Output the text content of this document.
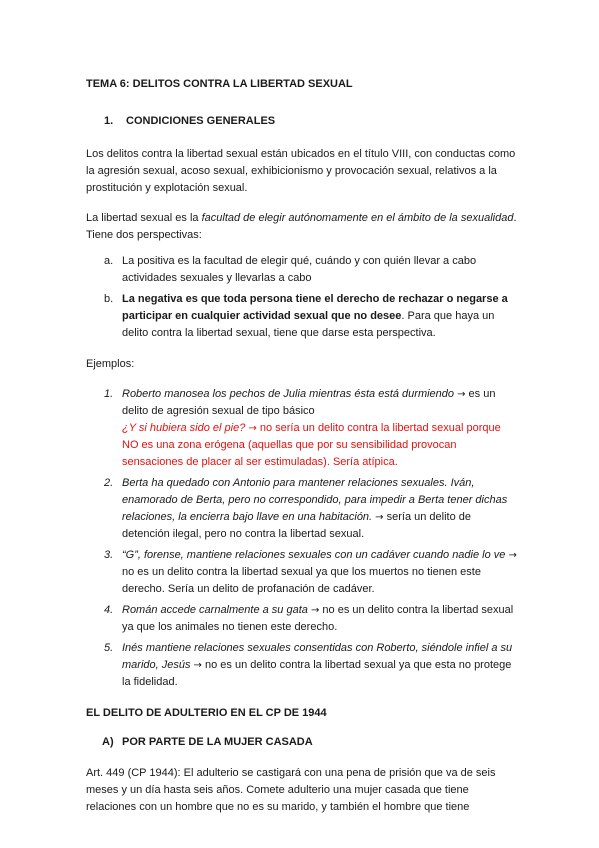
TEMA 6: DELITOS CONTRA LA LIBERTAD SEXUAL

1.	CONDICIONES GENERALES

Los delitos contra la libertad sexual están ubicados en el título VIII, con conductas como la agresión sexual, acoso sexual, exhibicionismo y provocación sexual, relativos a la prostitución y explotación sexual.

La libertad sexual es la facultad de elegir autónomamente en el ámbito de la sexualidad. Tiene dos perspectivas:

a. La positiva es la facultad de elegir qué, cuándo y con quién llevar a cabo actividades sexuales y llevarlas a cabo
b. La negativa es que toda persona tiene el derecho de rechazar o negarse a participar en cualquier actividad sexual que no desee. Para que haya un delito contra la libertad sexual, tiene que darse esta perspectiva.

Ejemplos:

1. Roberto manosea los pechos de Julia mientras ésta está durmiendo → es un delito de agresión sexual de tipo básico
¿Y si hubiera sido el pie? → no sería un delito contra la libertad sexual porque NO es una zona erógena (aquellas que por su sensibilidad provocan sensaciones de placer al ser estimuladas). Sería atípica.
2. Berta ha quedado con Antonio para mantener relaciones sexuales. Iván, enamorado de Berta, pero no correspondido, para impedir a Berta tener dichas relaciones, la encierra bajo llave en una habitación. → sería un delito de detención ilegal, pero no contra la libertad sexual.
3. “G”, forense, mantiene relaciones sexuales con un cadáver cuando nadie lo ve → no es un delito contra la libertad sexual ya que los muertos no tienen este derecho. Sería un delito de profanación de cadáver.
4. Román accede carnalmente a su gata → no es un delito contra la libertad sexual ya que los animales no tienen este derecho.
5. Inés mantiene relaciones sexuales consentidas con Roberto, siéndole infiel a su marido, Jesús → no es un delito contra la libertad sexual ya que esta no protege la fidelidad.

EL DELITO DE ADULTERIO EN EL CP DE 1944

A) POR PARTE DE LA MUJER CASADA

Art. 449 (CP 1944): El adulterio se castigará con una pena de prisión que va de seis meses y un día hasta seis años. Comete adulterio una mujer casada que tiene relaciones con un hombre que no es su marido, y también el hombre que tiene
